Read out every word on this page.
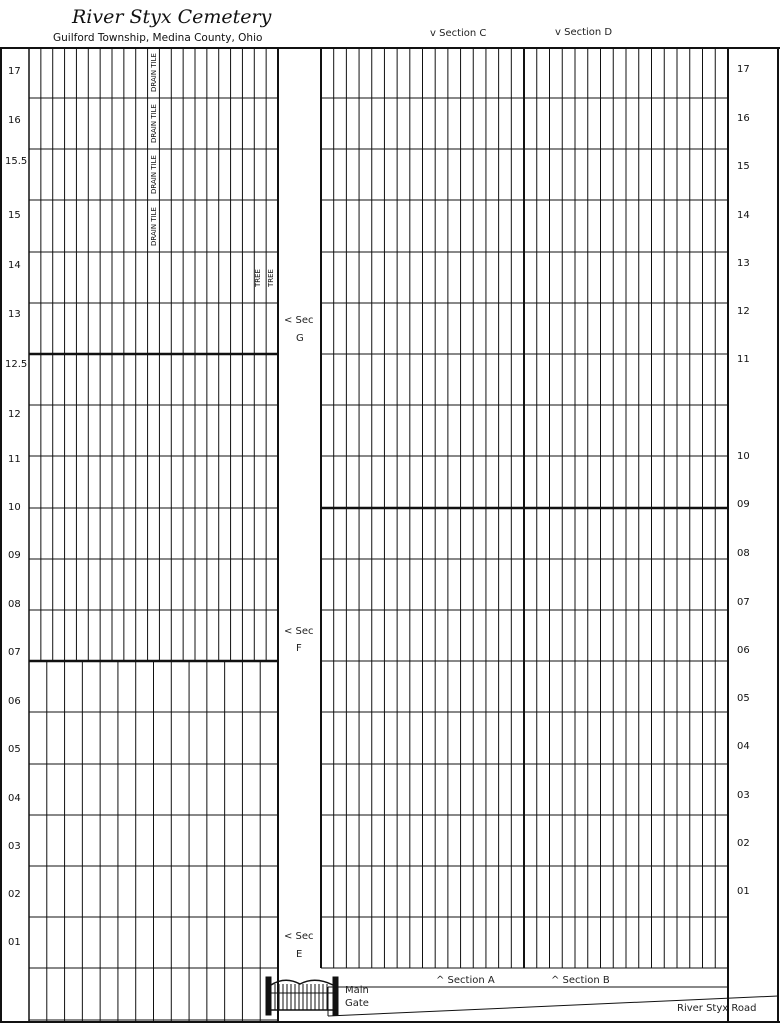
River Styx Cemetery
Guilford Township, Medina County, Ohio	v Section C	v Section D
17
16
15.5
15
14
13
12.5
12
11
10
09
08
07
06
05
04
03
02
01
17
16
15
14
13
12
11
10
09
08
07
06
05
04
03
02
01
< Sec
G
< Sec
F
< Sec
E
DRAIN TILE
DRAIN TILE
DRAIN TILE
DRAIN TILE
TREE TREE
Main
Gate
^ Section A	^ Section B
River Styx Road
